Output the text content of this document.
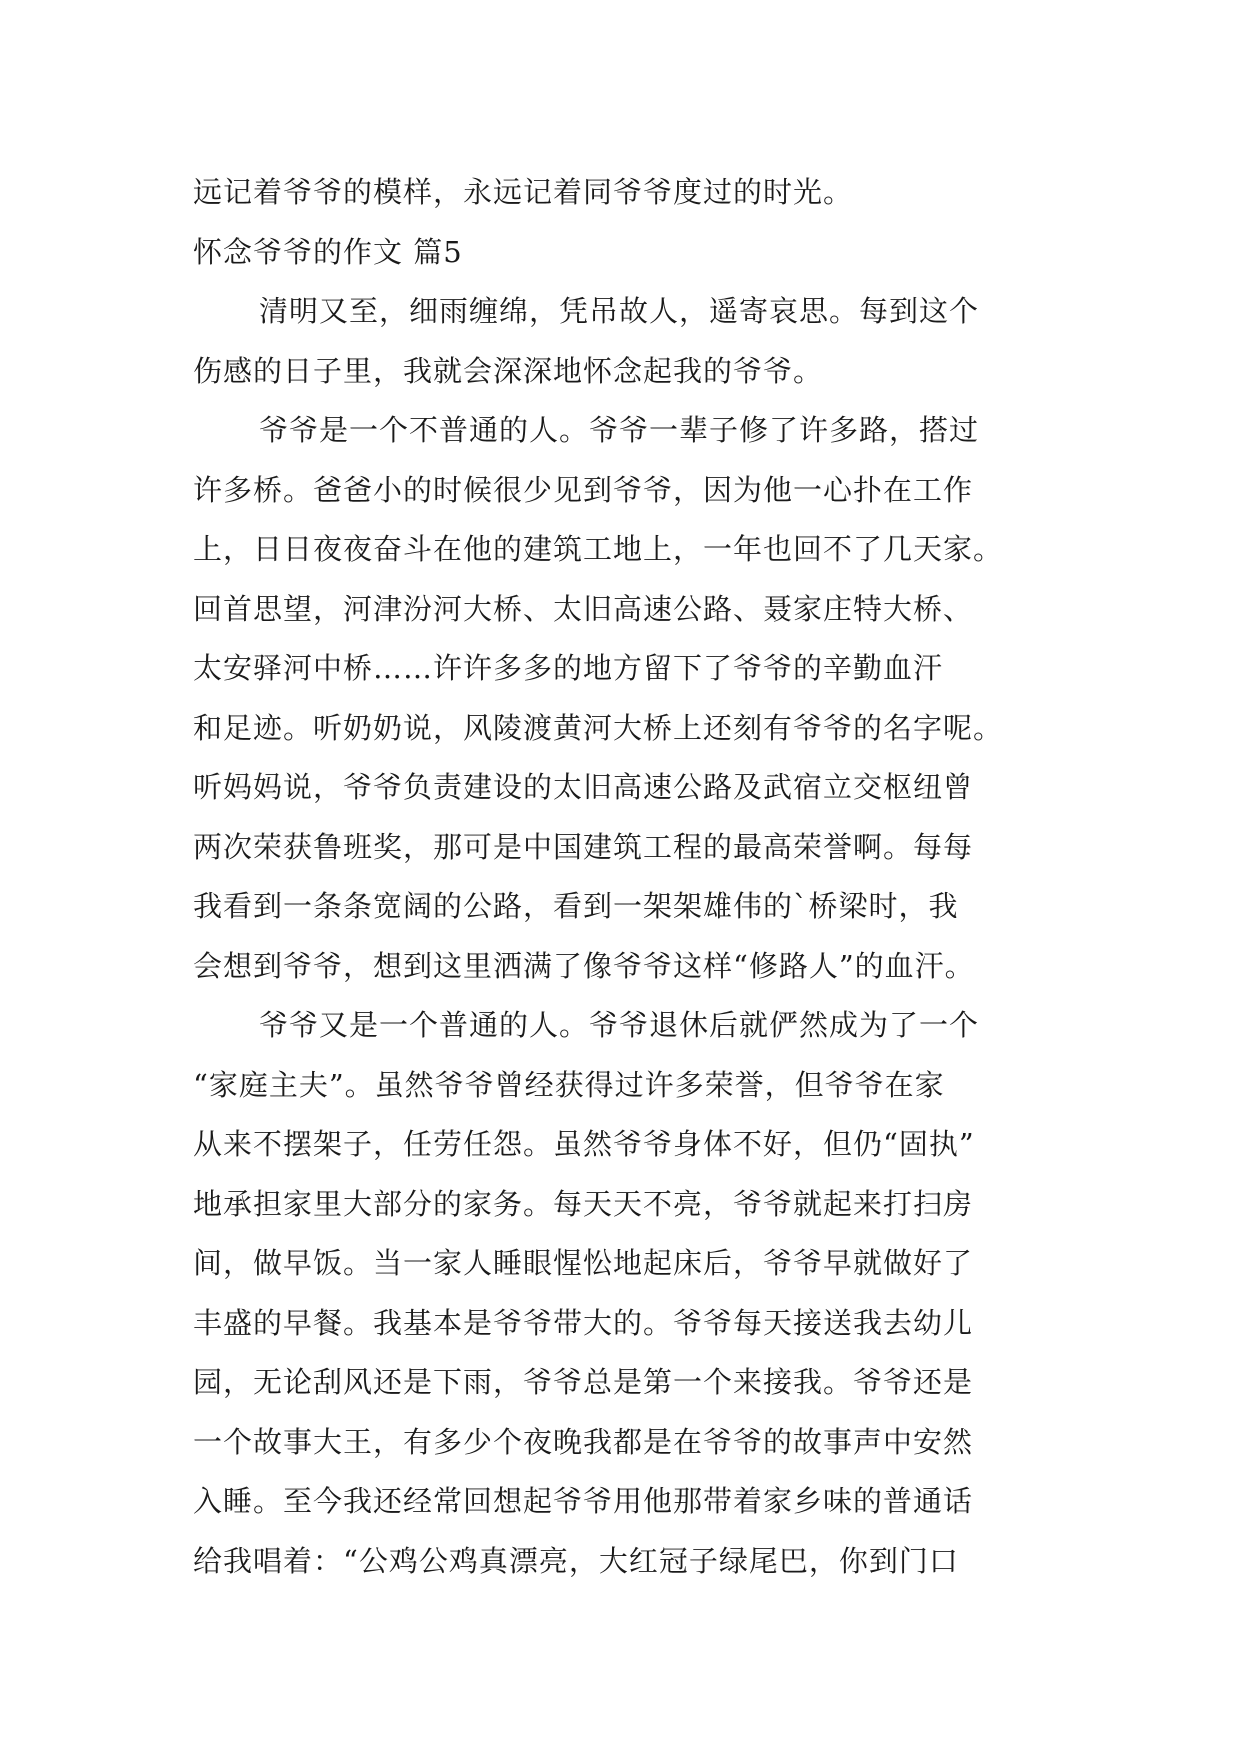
远记着爷爷的模样，永远记着同爷爷度过的时光。
怀念爷爷的作文 篇5
清明又至，细雨缠绵，凭吊故人，遥寄哀思。每到这个
伤感的日子里，我就会深深地怀念起我的爷爷。
爷爷是一个不普通的人。爷爷一辈子修了许多路，搭过
许多桥。爸爸小的时候很少见到爷爷，因为他一心扑在工作
上，日日夜夜奋斗在他的建筑工地上，一年也回不了几天家。
回首思望，河津汾河大桥、太旧高速公路、聂家庄特大桥、
太安驿河中桥……许许多多的地方留下了爷爷的辛勤血汗
和足迹。听奶奶说，风陵渡黄河大桥上还刻有爷爷的名字呢。
听妈妈说，爷爷负责建设的太旧高速公路及武宿立交枢纽曾
两次荣获鲁班奖，那可是中国建筑工程的最高荣誉啊。每每
我看到一条条宽阔的公路，看到一架架雄伟的`桥梁时，我
会想到爷爷，想到这里洒满了像爷爷这样“修路人”的血汗。
爷爷又是一个普通的人。爷爷退休后就俨然成为了一个
“家庭主夫”。虽然爷爷曾经获得过许多荣誉，但爷爷在家
从来不摆架子，任劳任怨。虽然爷爷身体不好，但仍“固执”
地承担家里大部分的家务。每天天不亮，爷爷就起来打扫房
间，做早饭。当一家人睡眼惺忪地起床后，爷爷早就做好了
丰盛的早餐。我基本是爷爷带大的。爷爷每天接送我去幼儿
园，无论刮风还是下雨，爷爷总是第一个来接我。爷爷还是
一个故事大王，有多少个夜晚我都是在爷爷的故事声中安然
入睡。至今我还经常回想起爷爷用他那带着家乡味的普通话
给我唱着：“公鸡公鸡真漂亮，大红冠子绿尾巴，你到门口
